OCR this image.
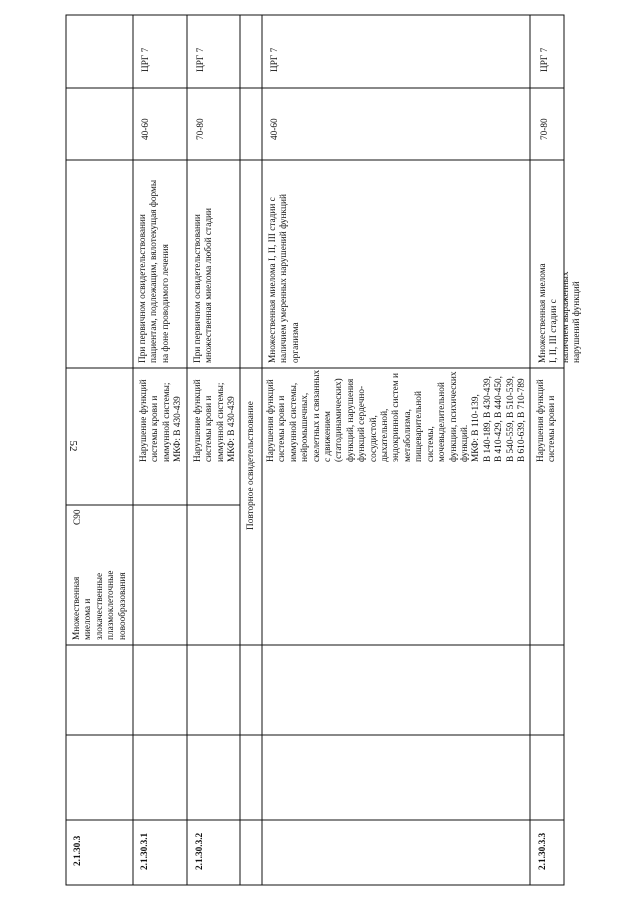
52
2.1.30.3
Множественная
миелома и
злокачественные
плазмоклеточные
новообразования
C90
2.1.30.3.1
Нарушение функций
системы крови и
иммунной системы;
МКФ: В 430-439
При первичном освидетельствовании
пациентам, подлежащим, вялотекущая формы
на фоне проводимого лечения
40-60
ЦРГ 7
2.1.30.3.2
Нарушение функций
системы крови и
иммунной системы;
МКФ: В 430-439
При первичном освидетельствовании
множественная миелома любой стадии
70-80
ЦРГ 7
Повторное освидетельствование Нарушения функций
системы крови и
иммунной системы,
нейромышечных,
скелетных и связанных
с движением
(статодинамических)
функций, нарушения
функций сердечно-
сосудистой,
дыхательной,
эндокринной систем и
метаболизма,
пищеварительной
системы,
мочевыделительной
функции, психических
функций.
МКФ: В 110-139,
В 140-189, В 430-439,
В 410-429, В 440-450,
В 540-559, В 510-539,
В 610-639, В 710-789
Множественная миелома I, II, III стадии с
наличием умеренных нарушений функций
организма
40-60
ЦРГ 7
2.1.30.3.3
Нарушения функций
системы крови и
Множественная миелома I, II, III стадии с
наличием выраженных нарушений функций
70-80
ЦРГ 7
